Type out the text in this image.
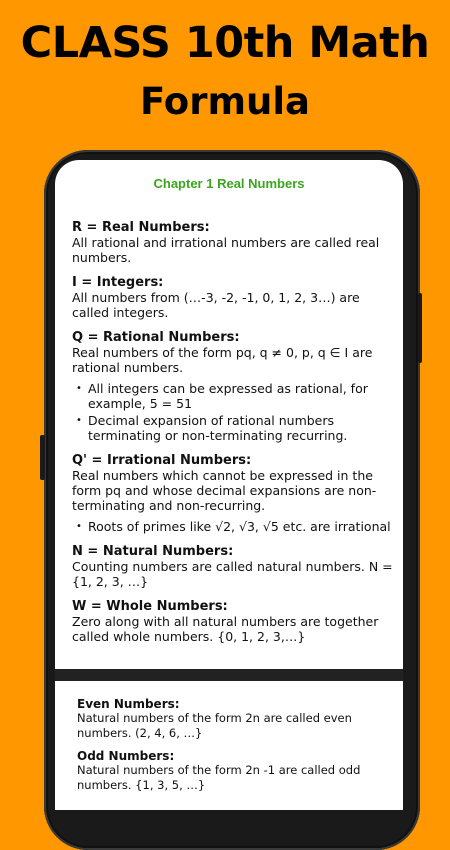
CLASS 10th Math
Formula
Chapter 1 Real Numbers
R = Real Numbers:
All rational and irrational numbers are called real numbers.
I = Integers:
All numbers from (…-3, -2, -1, 0, 1, 2, 3…) are called integers.
Q = Rational Numbers:
Real numbers of the form pq, q ≠ 0, p, q ∈ I are rational numbers.
• All integers can be expressed as rational, for example, 5 = 51
• Decimal expansion of rational numbers terminating or non-terminating recurring.
Q' = Irrational Numbers:
Real numbers which cannot be expressed in the form pq and whose decimal expansions are non-terminating and non-recurring.
• Roots of primes like √2, √3, √5 etc. are irrational
N = Natural Numbers:
Counting numbers are called natural numbers. N = {1, 2, 3, …}
W = Whole Numbers:
Zero along with all natural numbers are together called whole numbers. {0, 1, 2, 3,…}
Even Numbers:
Natural numbers of the form 2n are called even numbers. (2, 4, 6, …}
Odd Numbers:
Natural numbers of the form 2n -1 are called odd numbers. {1, 3, 5, …}
